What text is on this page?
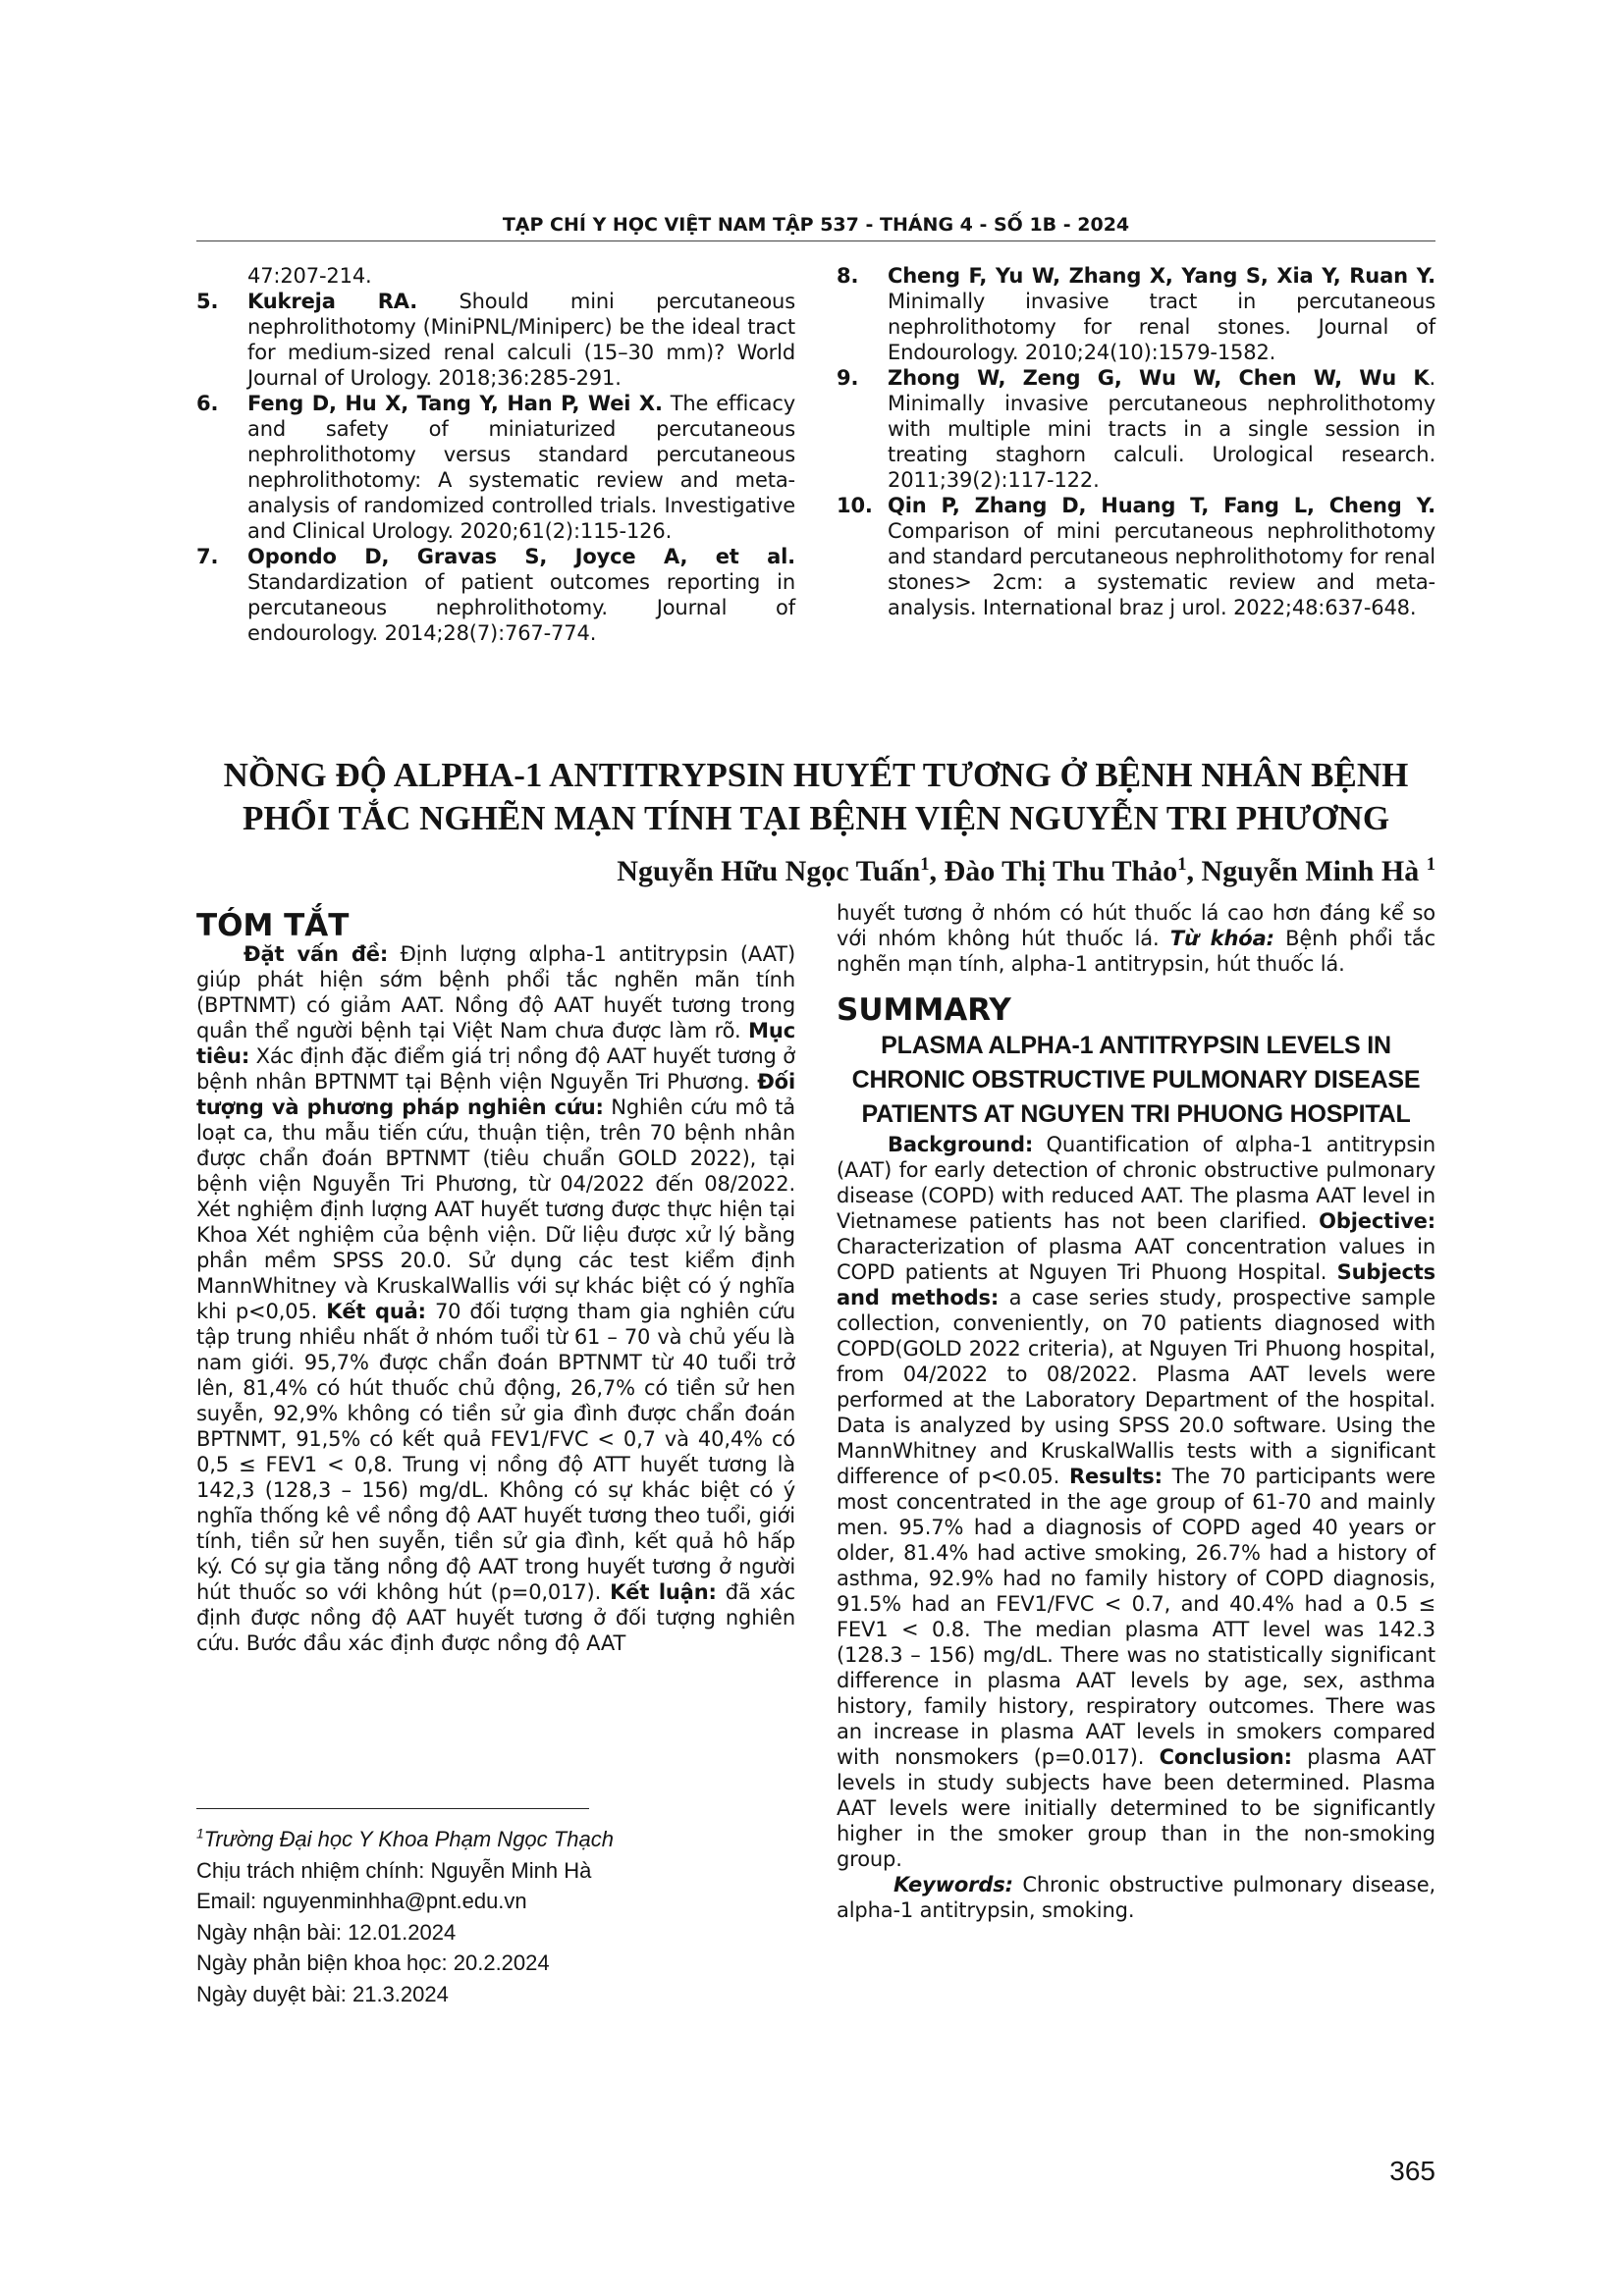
TẠP CHÍ Y HỌC VIỆT NAM TẬP 537 - THÁNG 4 - SỐ 1B - 2024
47:207-214.
5. Kukreja RA. Should mini percutaneous nephrolithotomy (MiniPNL/Miniperc) be the ideal tract for medium-sized renal calculi (15–30 mm)? World Journal of Urology. 2018;36:285-291.
6. Feng D, Hu X, Tang Y, Han P, Wei X. The efficacy and safety of miniaturized percutaneous nephrolithotomy versus standard percutaneous nephrolithotomy: A systematic review and meta-analysis of randomized controlled trials. Investigative and Clinical Urology. 2020;61(2):115-126.
7. Opondo D, Gravas S, Joyce A, et al. Standardization of patient outcomes reporting in percutaneous nephrolithotomy. Journal of endourology. 2014;28(7):767-774.
8. Cheng F, Yu W, Zhang X, Yang S, Xia Y, Ruan Y. Minimally invasive tract in percutaneous nephrolithotomy for renal stones. Journal of Endourology. 2010;24(10):1579-1582.
9. Zhong W, Zeng G, Wu W, Chen W, Wu K. Minimally invasive percutaneous nephrolithotomy with multiple mini tracts in a single session in treating staghorn calculi. Urological research. 2011;39(2):117-122.
10. Qin P, Zhang D, Huang T, Fang L, Cheng Y. Comparison of mini percutaneous nephrolithotomy and standard percutaneous nephrolithotomy for renal stones> 2cm: a systematic review and meta-analysis. International braz j urol. 2022;48:637-648.
NỒNG ĐỘ ALPHA-1 ANTITRYPSIN HUYẾT TƯƠNG Ở BỆNH NHÂN BỆNH
PHỔI TẮC NGHẼN MẠN TÍNH TẠI BỆNH VIỆN NGUYỄN TRI PHƯƠNG
Nguyễn Hữu Ngọc Tuấn$^1$, Đào Thị Thu Thảo$^1$, Nguyễn Minh Hà $^1$
TÓM TẮT

Đặt vấn đề: Định lượng αlpha-1 antitrypsin (AAT) giúp phát hiện sớm bệnh phổi tắc nghẽn mãn tính (BPTNMT) có giảm AAT. Nồng độ AAT huyết tương trong quần thể người bệnh tại Việt Nam chưa được làm rõ. Mục tiêu: Xác định đặc điểm giá trị nồng độ AAT huyết tương ở bệnh nhân BPTNMT tại Bệnh viện Nguyễn Tri Phương. Đối tượng và phương pháp nghiên cứu: Nghiên cứu mô tả loạt ca, thu mẫu tiến cứu, thuận tiện, trên 70 bệnh nhân được chẩn đoán BPTNMT (tiêu chuẩn GOLD 2022), tại bệnh viện Nguyễn Tri Phương, từ 04/2022 đến 08/2022. Xét nghiệm định lượng AAT huyết tương được thực hiện tại Khoa Xét nghiệm của bệnh viện. Dữ liệu được xử lý bằng phần mềm SPSS 20.0. Sử dụng các test kiểm định MannWhitney và KruskalWallis với sự khác biệt có ý nghĩa khi p<0,05. Kết quả: 70 đối tượng tham gia nghiên cứu tập trung nhiều nhất ở nhóm tuổi từ 61 – 70 và chủ yếu là nam giới. 95,7% được chẩn đoán BPTNMT từ 40 tuổi trở lên, 81,4% có hút thuốc chủ động, 26,7% có tiền sử hen suyễn, 92,9% không có tiền sử gia đình được chẩn đoán BPTNMT, 91,5% có kết quả FEV1/FVC < 0,7 và 40,4% có 0,5 ≤ FEV1 < 0,8. Trung vị nồng độ ATT huyết tương là 142,3 (128,3 – 156) mg/dL. Không có sự khác biệt có ý nghĩa thống kê về nồng độ AAT huyết tương theo tuổi, giới tính, tiền sử hen suyễn, tiền sử gia đình, kết quả hô hấp ký. Có sự gia tăng nồng độ AAT trong huyết tương ở người hút thuốc so với không hút (p=0,017). Kết luận: đã xác định được nồng độ AAT huyết tương ở đối tượng nghiên cứu. Bước đầu xác định được nồng độ AAT

$^1$Trường Đại học Y Khoa Phạm Ngọc Thạch
Chịu trách nhiệm chính: Nguyễn Minh Hà
Email: nguyenminhha@pnt.edu.vn
Ngày nhận bài: 12.01.2024
Ngày phản biện khoa học: 20.2.2024
Ngày duyệt bài: 21.3.2024

huyết tương ở nhóm có hút thuốc lá cao hơn đáng kể so với nhóm không hút thuốc lá. Từ khóa: Bệnh phổi tắc nghẽn mạn tính, alpha-1 antitrypsin, hút thuốc lá.

SUMMARY
PLASMA ALPHA-1 ANTITRYPSIN LEVELS IN CHRONIC OBSTRUCTIVE PULMONARY DISEASE PATIENTS AT NGUYEN TRI PHUONG HOSPITAL

Background: Quantification of αlpha-1 antitrypsin (AAT) for early detection of chronic obstructive pulmonary disease (COPD) with reduced AAT. The plasma AAT level in Vietnamese patients has not been clarified. Objective: Characterization of plasma AAT concentration values in COPD patients at Nguyen Tri Phuong Hospital. Subjects and methods: a case series study, prospective sample collection, conveniently, on 70 patients diagnosed with COPD(GOLD 2022 criteria), at Nguyen Tri Phuong hospital, from 04/2022 to 08/2022. Plasma AAT levels were performed at the Laboratory Department of the hospital. Data is analyzed by using SPSS 20.0 software. Using the MannWhitney and KruskalWallis tests with a significant difference of p<0.05. Results: The 70 participants were most concentrated in the age group of 61-70 and mainly men. 95.7% had a diagnosis of COPD aged 40 years or older, 81.4% had active smoking, 26.7% had a history of asthma, 92.9% had no family history of COPD diagnosis, 91.5% had an FEV1/FVC < 0.7, and 40.4% had a 0.5 ≤ FEV1 < 0.8. The median plasma ATT level was 142.3 (128.3 – 156) mg/dL. There was no statistically significant difference in plasma AAT levels by age, sex, asthma history, family history, respiratory outcomes. There was an increase in plasma AAT levels in smokers compared with nonsmokers (p=0.017). Conclusion: plasma AAT levels in study subjects have been determined. Plasma AAT levels were initially determined to be significantly higher in the smoker group than in the non-smoking group.

Keywords: Chronic obstructive pulmonary disease, alpha-1 antitrypsin, smoking.

365
